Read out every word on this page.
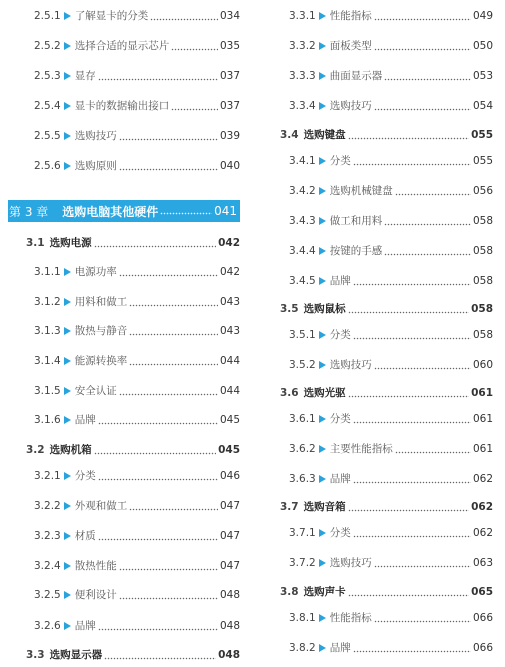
2.5.1 了解显卡的分类	034
2.5.2 选择合适的显示芯片	035
2.5.3 显存	037
2.5.4 显卡的数据输出接口	037
2.5.5 选购技巧	039
2.5.6 选购原则	040
第 3 章 选购电脑其他硬件	041
3.1 选购电源	042
3.1.1 电源功率	042
3.1.2 用料和做工	043
3.1.3 散热与静音	043
3.1.4 能源转换率	044
3.1.5 安全认证	044
3.1.6 品牌	045
3.2 选购机箱	045
3.2.1 分类	046
3.2.2 外观和做工	047
3.2.3 材质	047
3.2.4 散热性能	047
3.2.5 便利设计	048
3.2.6 品牌	048
3.3 选购显示器	048
3.3.1 性能指标	049
3.3.2 面板类型	050
3.3.3 曲面显示器	053
3.3.4 选购技巧	054
3.4 选购键盘	055
3.4.1 分类	055
3.4.2 选购机械键盘	056
3.4.3 做工和用料	058
3.4.4 按键的手感	058
3.4.5 品牌	058
3.5 选购鼠标	058
3.5.1 分类	058
3.5.2 选购技巧	060
3.6 选购光驱	061
3.6.1 分类	061
3.6.2 主要性能指标	061
3.6.3 品牌	062
3.7 选购音箱	062
3.7.1 分类	062
3.7.2 选购技巧	063
3.8 选购声卡	065
3.8.1 性能指标	066
3.8.2 品牌	066
